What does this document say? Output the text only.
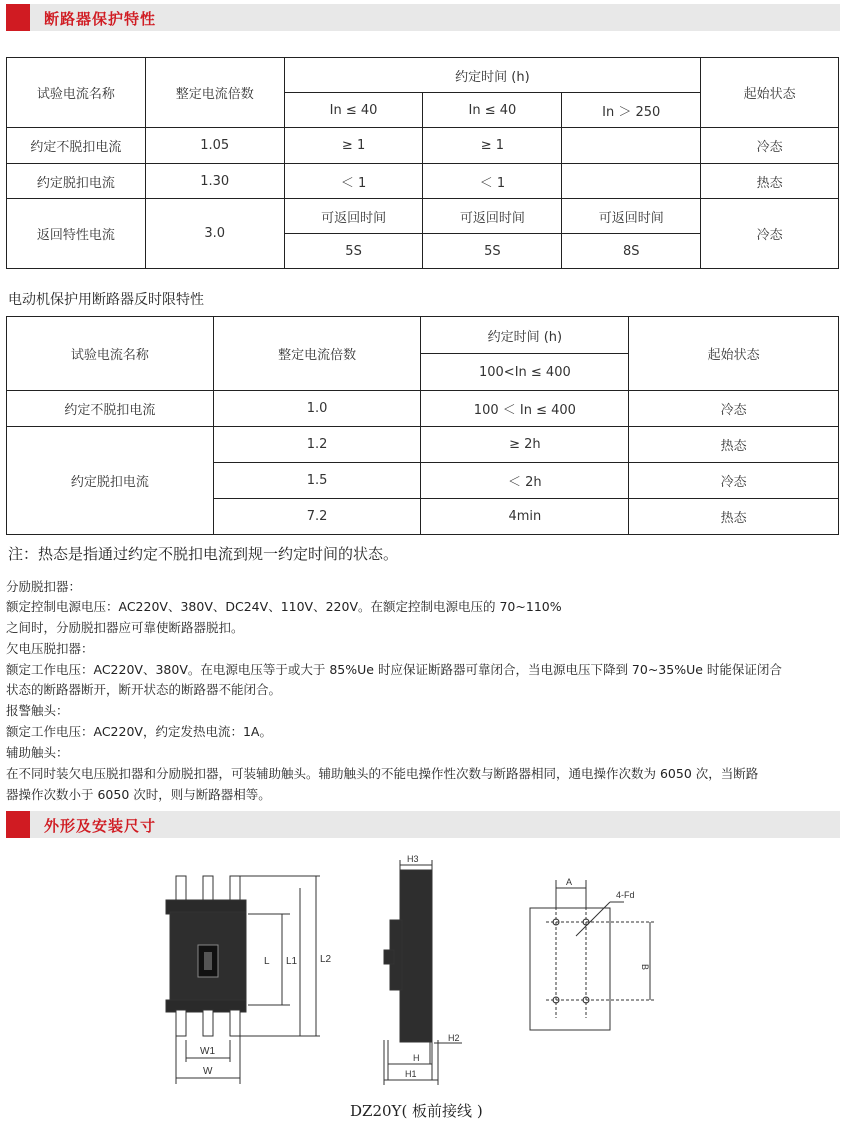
断路器保护特性
试验电流名称	整定电流倍数	约定时间 (h)			起始状态
		In ≤ 40	In ≤ 40	In ＞ 250	
约定不脱扣电流	1.05	≥ 1	≥ 1		冷态
约定脱扣电流	1.30	＜ 1	＜ 1		热态
返回特性电流	3.0	可返回时间	可返回时间	可返回时间	冷态
		5S	5S	8S	
电动机保护用断路器反时限特性
试验电流名称	整定电流倍数	约定时间 (h)	起始状态
		100<In ≤ 400	
约定不脱扣电流	1.0	100 ＜ In ≤ 400	冷态
约定脱扣电流	1.2	≥ 2h	热态
	1.5	＜ 2h	冷态
	7.2	4min	热态
注：热态是指通过约定不脱扣电流到规一约定时间的状态。
分励脱扣器：
额定控制电源电压：AC220V、380V、DC24V、110V、220V。在额定控制电源电压的 70~110%
之间时，分励脱扣器应可靠使断路器脱扣。
欠电压脱扣器：
额定工作电压：AC220V、380V。在电源电压等于或大于 85%Ue 时应保证断路器可靠闭合，当电源电压下降到 70~35%Ue 时能保证闭合
状态的断路器断开，断开状态的断路器不能闭合。
报警触头：
额定工作电压：AC220V，约定发热电流：1A。
辅助触头：
在不同时装欠电压脱扣器和分励脱扣器，可装辅助触头。辅助触头的不能电操作性次数与断路器相同，通电操作次数为 6050 次，当断路
器操作次数小于 6050 次时，则与断路器相等。
外形及安装尺寸
L L1 L2
W1
W
H3
H2
H
H1
A
4-Fd
B
DZ20Y( 板前接线 )
